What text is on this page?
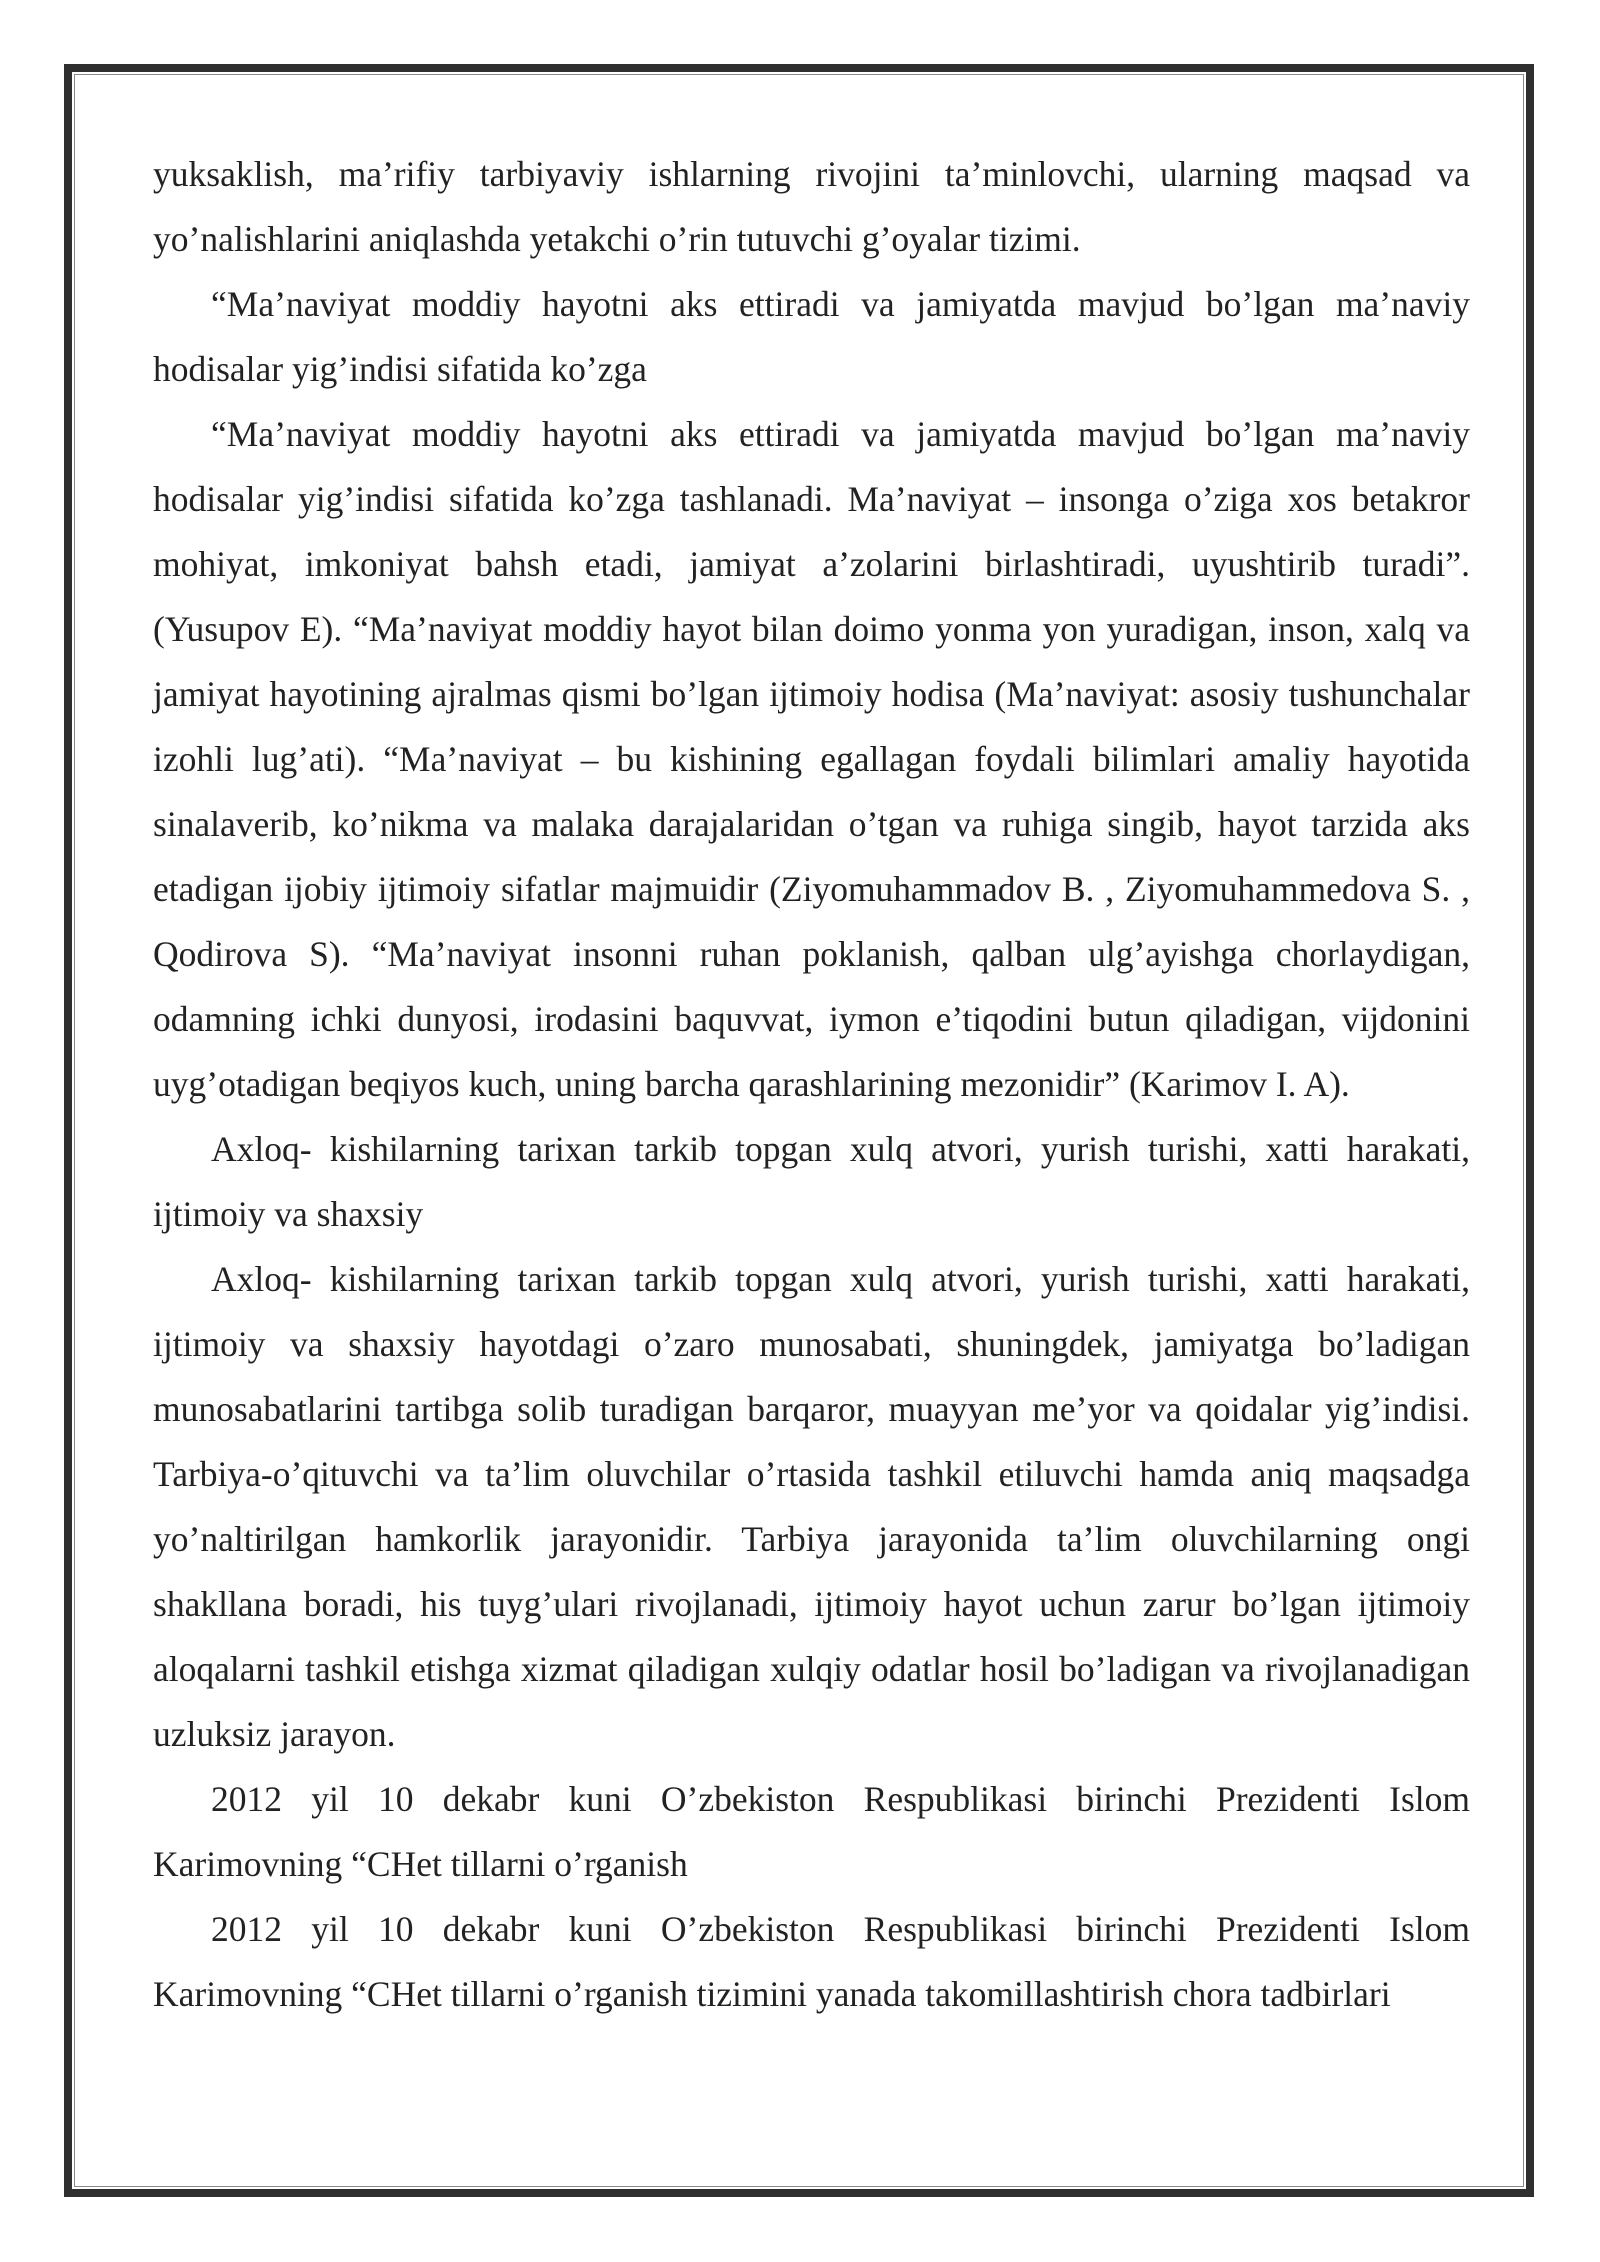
yuksaklish, ma’rifiy tarbiyaviy ishlarning rivojini ta’minlovchi, ularning maqsad va yo’nalishlarini aniqlashda yetakchi o’rin tutuvchi g’oyalar tizimi.

“Ma’naviyat moddiy hayotni aks ettiradi va jamiyatda mavjud bo’lgan ma’naviy hodisalar yig’indisi sifatida ko’zga

“Ma’naviyat moddiy hayotni aks ettiradi va jamiyatda mavjud bo’lgan ma’naviy hodisalar yig’indisi sifatida ko’zga tashlanadi. Ma’naviyat – insonga o’ziga xos betakror mohiyat, imkoniyat bahsh etadi, jamiyat a’zolarini birlashtiradi, uyushtirib turadi”. (Yusupov E). “Ma’naviyat moddiy hayot bilan doimo yonma yon yuradigan, inson, xalq va jamiyat hayotining ajralmas qismi bo’lgan ijtimoiy hodisa (Ma’naviyat: asosiy tushunchalar izohli lug’ati). “Ma’naviyat – bu kishining egallagan foydali bilimlari amaliy hayotida sinalaverib, ko’nikma va malaka darajalaridan o’tgan va ruhiga singib, hayot tarzida aks etadigan ijobiy ijtimoiy sifatlar majmuidir (Ziyomuhammadov B. , Ziyomuhammedova S. , Qodirova S). “Ma’naviyat insonni ruhan poklanish, qalban ulg’ayishga chorlaydigan, odamning ichki dunyosi, irodasini baquvvat, iymon e’tiqodini butun qiladigan, vijdonini uyg’otadigan beqiyos kuch, uning barcha qarashlarining mezonidir” (Karimov I. A).

Axloq- kishilarning tarixan tarkib topgan xulq atvori, yurish turishi, xatti harakati, ijtimoiy va shaxsiy

Axloq- kishilarning tarixan tarkib topgan xulq atvori, yurish turishi, xatti harakati, ijtimoiy va shaxsiy hayotdagi o’zaro munosabati, shuningdek, jamiyatga bo’ladigan munosabatlarini tartibga solib turadigan barqaror, muayyan me’yor va qoidalar yig’indisi. Tarbiya-o’qituvchi va ta’lim oluvchilar o’rtasida tashkil etiluvchi hamda aniq maqsadga yo’naltirilgan hamkorlik jarayonidir. Tarbiya jarayonida ta’lim oluvchilarning ongi shakllana boradi, his tuyg’ulari rivojlanadi, ijtimoiy hayot uchun zarur bo’lgan ijtimoiy aloqalarni tashkil etishga xizmat qiladigan xulqiy odatlar hosil bo’ladigan va rivojlanadigan uzluksiz jarayon.

2012 yil 10 dekabr kuni O’zbekiston Respublikasi birinchi Prezidenti Islom Karimovning “CHet tillarni o’rganish

2012 yil 10 dekabr kuni O’zbekiston Respublikasi birinchi Prezidenti Islom Karimovning “CHet tillarni o’rganish tizimini yanada takomillashtirish chora tadbirlari
